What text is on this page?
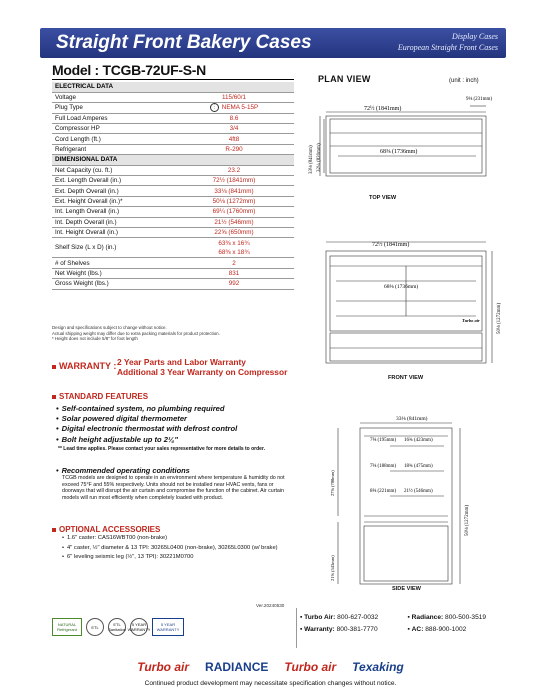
Straight Front Bakery Cases	Display Cases
European Straight Front Cases
Model : TCGB-72UF-S-N
ELECTRICAL DATA	
Voltage	115/60/1
Plug Type	⋮ NEMA 5-15P

Full Load Amperes	8.6
Compressor HP	3/4
Cord Length (ft.)	4ft8
Refrigerant	R-290
DIMENSIONAL DATA	
Net Capacity (cu. ft.)	23.2
Ext. Length Overall (in.)	72½ (1841mm)
Ext. Depth Overall (in.)	33⅛ (841mm)
Ext. Height Overall (in.)*	50⅛ (1272mm)
Int. Length Overall (in.)	69¼ (1760mm)
Int. Depth Overall (in.)	21½ (546mm)
Int. Height Overall (in.)	22⅝ (650mm)
Shelf Size (L x D) (in.)	63⅜ x 16¾
68⅜ x 18¾

# of Shelves	2
Net Weight (lbs.)	831
Gross Weight (lbs.)	992
Design and specifications subject to change without notice.
Actual shipping weight may differ due to extra packing materials for product protection.
* Height does not include 5/8" for foot length
WARRANTY : 2 Year Parts and Labor Warranty
Additional 3 Year Warranty on Compressor
STANDARD FEATURES
• Self-contained system, no plumbing required
• Solar powered digital thermometer
• Digital electronic thermostat with defrost control
• Bolt height adjustable up to 2¼"
** Lead time applies. Please contact your sales representative for more details to order.
• Recommended operating conditions
TCGB models are designed to operate in an environment where temperature & humidity do not exceed 75°F and 55% respectively. Units should not be installed near HVAC vents, fans or doorways that will disrupt the air curtain and compromise the function of the cabinet. Air curtain models will run most efficiently when completely loaded with product.
OPTIONAL ACCESSORIES
• 1.6" caster: CAS16WBT00 (non-brake)
• 4" caster, ½" diameter & 13 TPI: 30265L0400 (non-brake), 30265L0300 (w/ brake)
• 6" leveling seismic leg (½", 13 TPI): 30221M0700
Ver.20240530
PLAN VIEW	(unit : inch)
72½ (1841mm)
9⅛ (231mm)
68⅜ (1736mm)
33⅛ (841mm) 32¼ (820mm)
72½ (1841mm)
68⅜ (1736mm)
Turbo air	50⅛ (1272mm)
33⅛ (841mm)
7⅝ (195mm) 16¾ (423mm)
7⅜ (188mm) 18¾ (475mm)
8⅝ (221mm) 21½ (546mm)
27⅝ (700mm)
21⅝ (543mm)
50⅛ (1272mm)
TOP VIEW
FRONT VIEW
SIDE VIEW
NATURAL Refrigerant	ETL	ETL Sanitation
5 YEAR WARRANTY
5 YEAR WARRANTY
▪ Turbo Air: 800-627-0032	▪ Radiance: 800-500-3519
▪ Warranty: 800-381-7770	▪ AC: 888-900-1002
Turbo air RADIANCE Turbo air Texaking
Continued product development may necessitate specification changes without notice.
